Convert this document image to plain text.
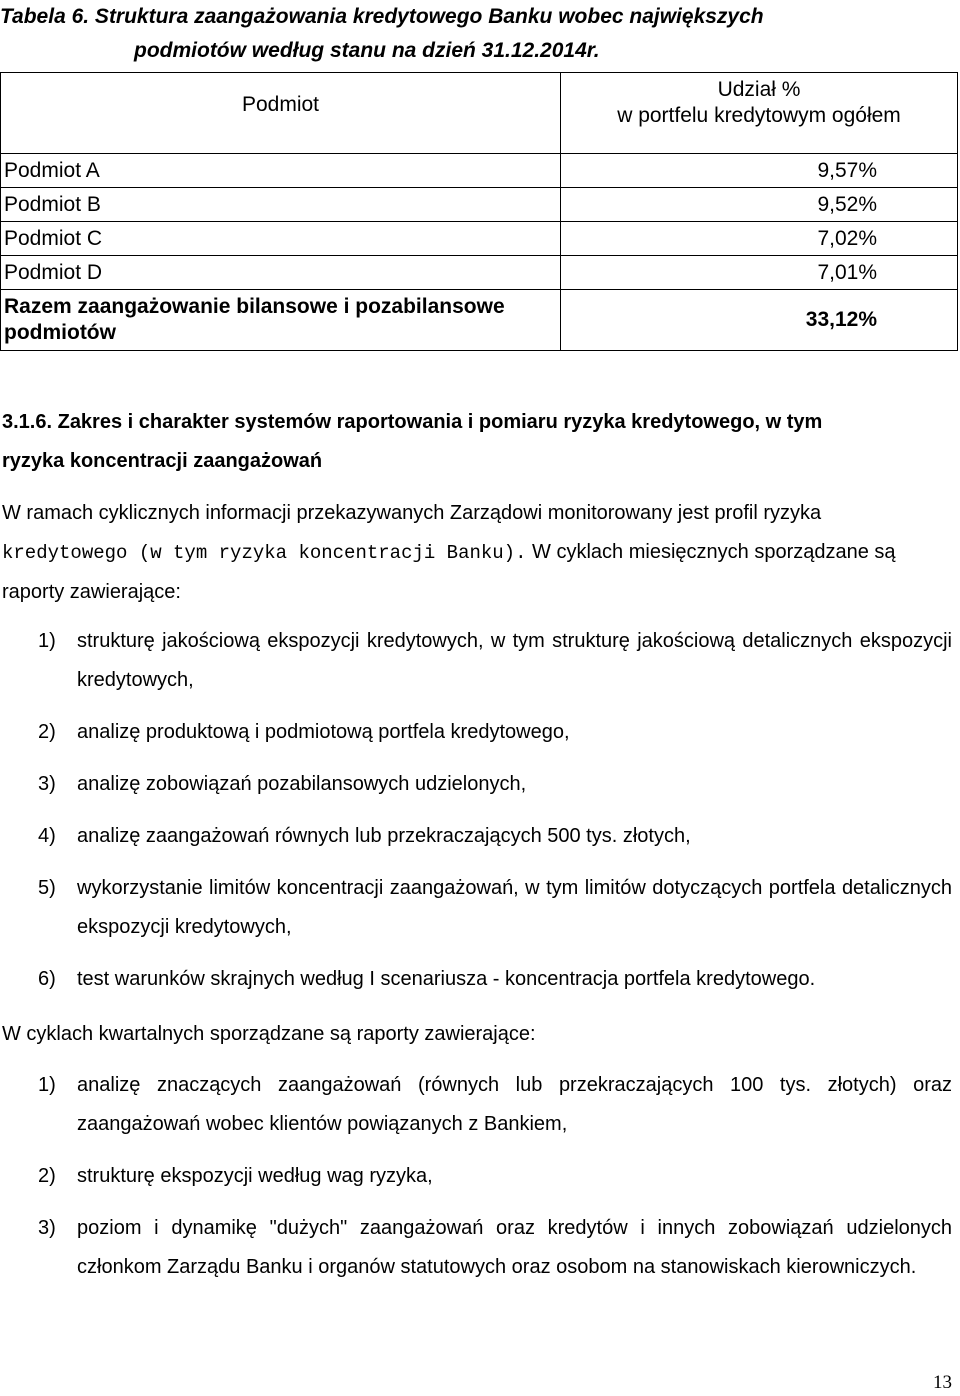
Tabela 6. Struktura zaangażowania kredytowego Banku wobec największych
podmiotów według stanu na dzień 31.12.2014r.
Podmiot	Udział %
w portfelu kredytowym ogółem
Podmiot A	9,57%
Podmiot B	9,52%
Podmiot C	7,02%
Podmiot D	7,01%
Razem zaangażowanie bilansowe i pozabilansowe
podmiotów	33,12%
3.1.6. Zakres i charakter systemów raportowania i pomiaru ryzyka kredytowego, w tym
ryzyka koncentracji zaangażowań
W ramach cyklicznych informacji przekazywanych Zarządowi monitorowany jest profil ryzyka
kredytowego (w tym ryzyka koncentracji Banku). W cyklach miesięcznych sporządzane są
raporty zawierające:
1) strukturę jakościową ekspozycji kredytowych, w tym strukturę jakościową detalicznych ekspozycji kredytowych,
2) analizę produktową i podmiotową portfela kredytowego,
3) analizę zobowiązań pozabilansowych udzielonych,
4) analizę zaangażowań równych lub przekraczających 500 tys. złotych,
5) wykorzystanie limitów koncentracji zaangażowań, w tym limitów dotyczących portfela detalicznych ekspozycji kredytowych,
6) test warunków skrajnych według I scenariusza - koncentracja portfela kredytowego.
W cyklach kwartalnych sporządzane są raporty zawierające:
1) analizę znaczących zaangażowań (równych lub przekraczających 100 tys. złotych) oraz zaangażowań wobec klientów powiązanych z Bankiem,
2) strukturę ekspozycji według wag ryzyka,
3) poziom i dynamikę "dużych" zaangażowań oraz kredytów i innych zobowiązań udzielonych członkom Zarządu Banku i organów statutowych oraz osobom na stanowiskach kierowniczych.
13
